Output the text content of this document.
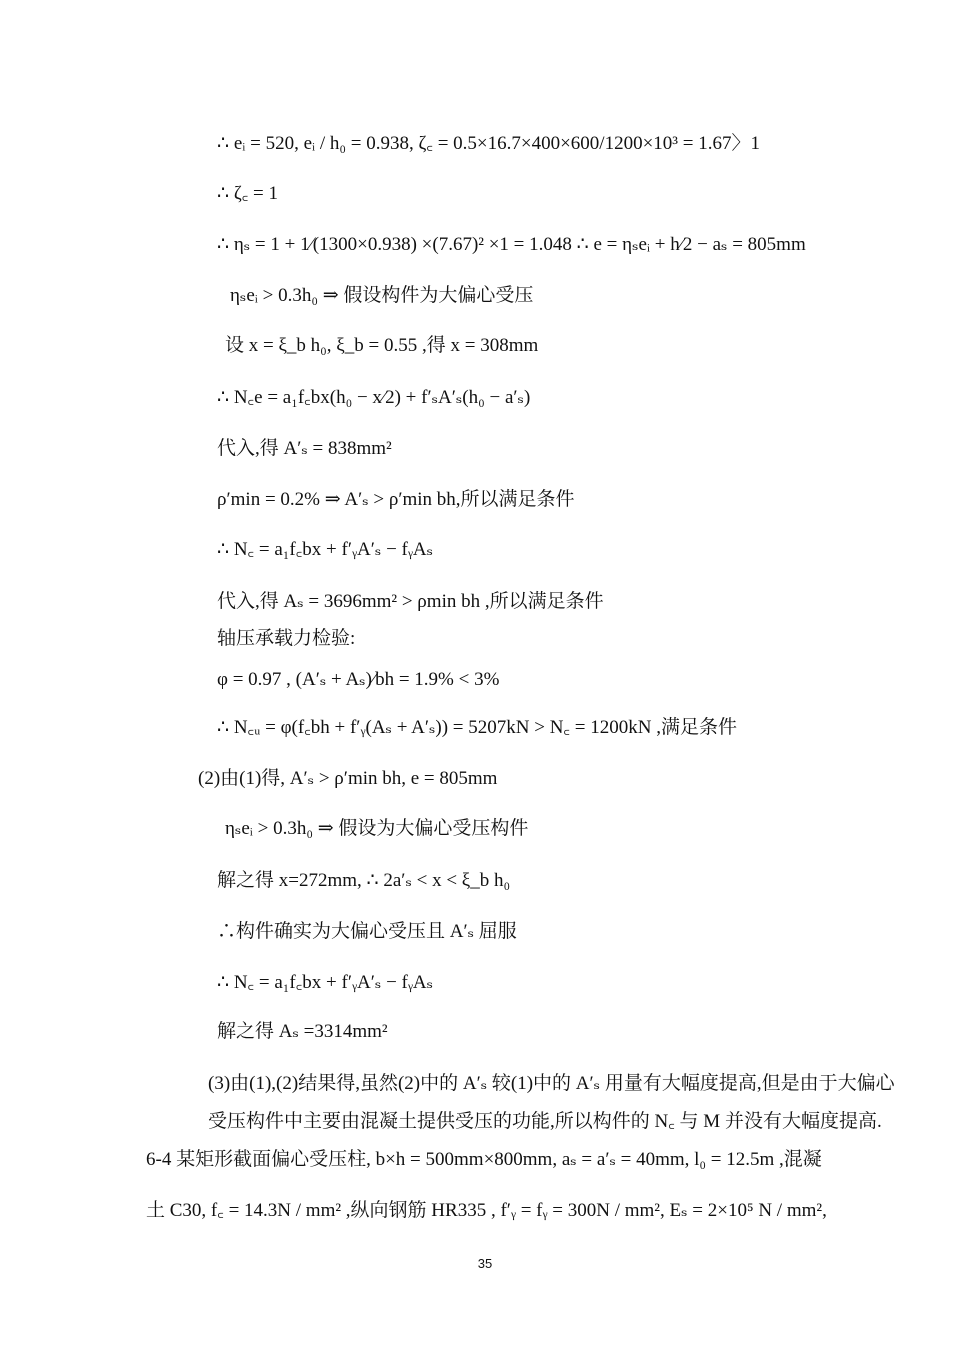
∴ eᵢ = 520, eᵢ / h₀ = 0.938, ζ꜀ = 0.5×16.7×400×600/1200×10³ = 1.67〉1
∴ ζ꜀ = 1
∴ ηₛ = 1 + 1⁄(1300×0.938) ×(7.67)² ×1 = 1.048 ∴ e = ηₛeᵢ + h⁄2 − aₛ = 805mm
ηₛeᵢ > 0.3h₀ ⇒ 假设构件为大偏心受压
设 x = ξ_b h₀, ξ_b = 0.55 ,得 x = 308mm
∴ N꜀e = a₁f꜀bx(h₀ − x⁄2) + f′ₛA′ₛ(h₀ − a′ₛ)
代入,得 A′ₛ = 838mm²
ρ′min = 0.2% ⇒ A′ₛ > ρ′min bh,所以满足条件
∴ N꜀ = a₁f꜀bx + f′ᵧA′ₛ − fᵧAₛ
代入,得 Aₛ = 3696mm² > ρmin bh ,所以满足条件
轴压承载力检验:
φ = 0.97 , (A′ₛ + Aₛ)⁄bh = 1.9% < 3%
∴ N꜀ᵤ = φ(f꜀bh + f′ᵧ(Aₛ + A′ₛ)) = 5207kN > N꜀ = 1200kN ,满足条件
(2)由(1)得, A′ₛ > ρ′min bh, e = 805mm
ηₛeᵢ > 0.3h₀ ⇒ 假设为大偏心受压构件
解之得 x=272mm, ∴ 2a′ₛ < x < ξ_b h₀
∴构件确实为大偏心受压且 A′ₛ 屈服
∴ N꜀ = a₁f꜀bx + f′ᵧA′ₛ − fᵧAₛ
解之得 Aₛ =3314mm²
(3)由(1),(2)结果得,虽然(2)中的 A′ₛ 较(1)中的 A′ₛ 用量有大幅度提高,但是由于大偏心
受压构件中主要由混凝土提供受压的功能,所以构件的 N꜀ 与 M 并没有大幅度提高.
6-4 某矩形截面偏心受压柱, b×h = 500mm×800mm, aₛ = a′ₛ = 40mm, l₀ = 12.5m ,混凝
土 C30, f꜀ = 14.3N / mm² ,纵向钢筋 HR335 , f′ᵧ = fᵧ = 300N / mm², Eₛ = 2×10⁵ N / mm²,
35
